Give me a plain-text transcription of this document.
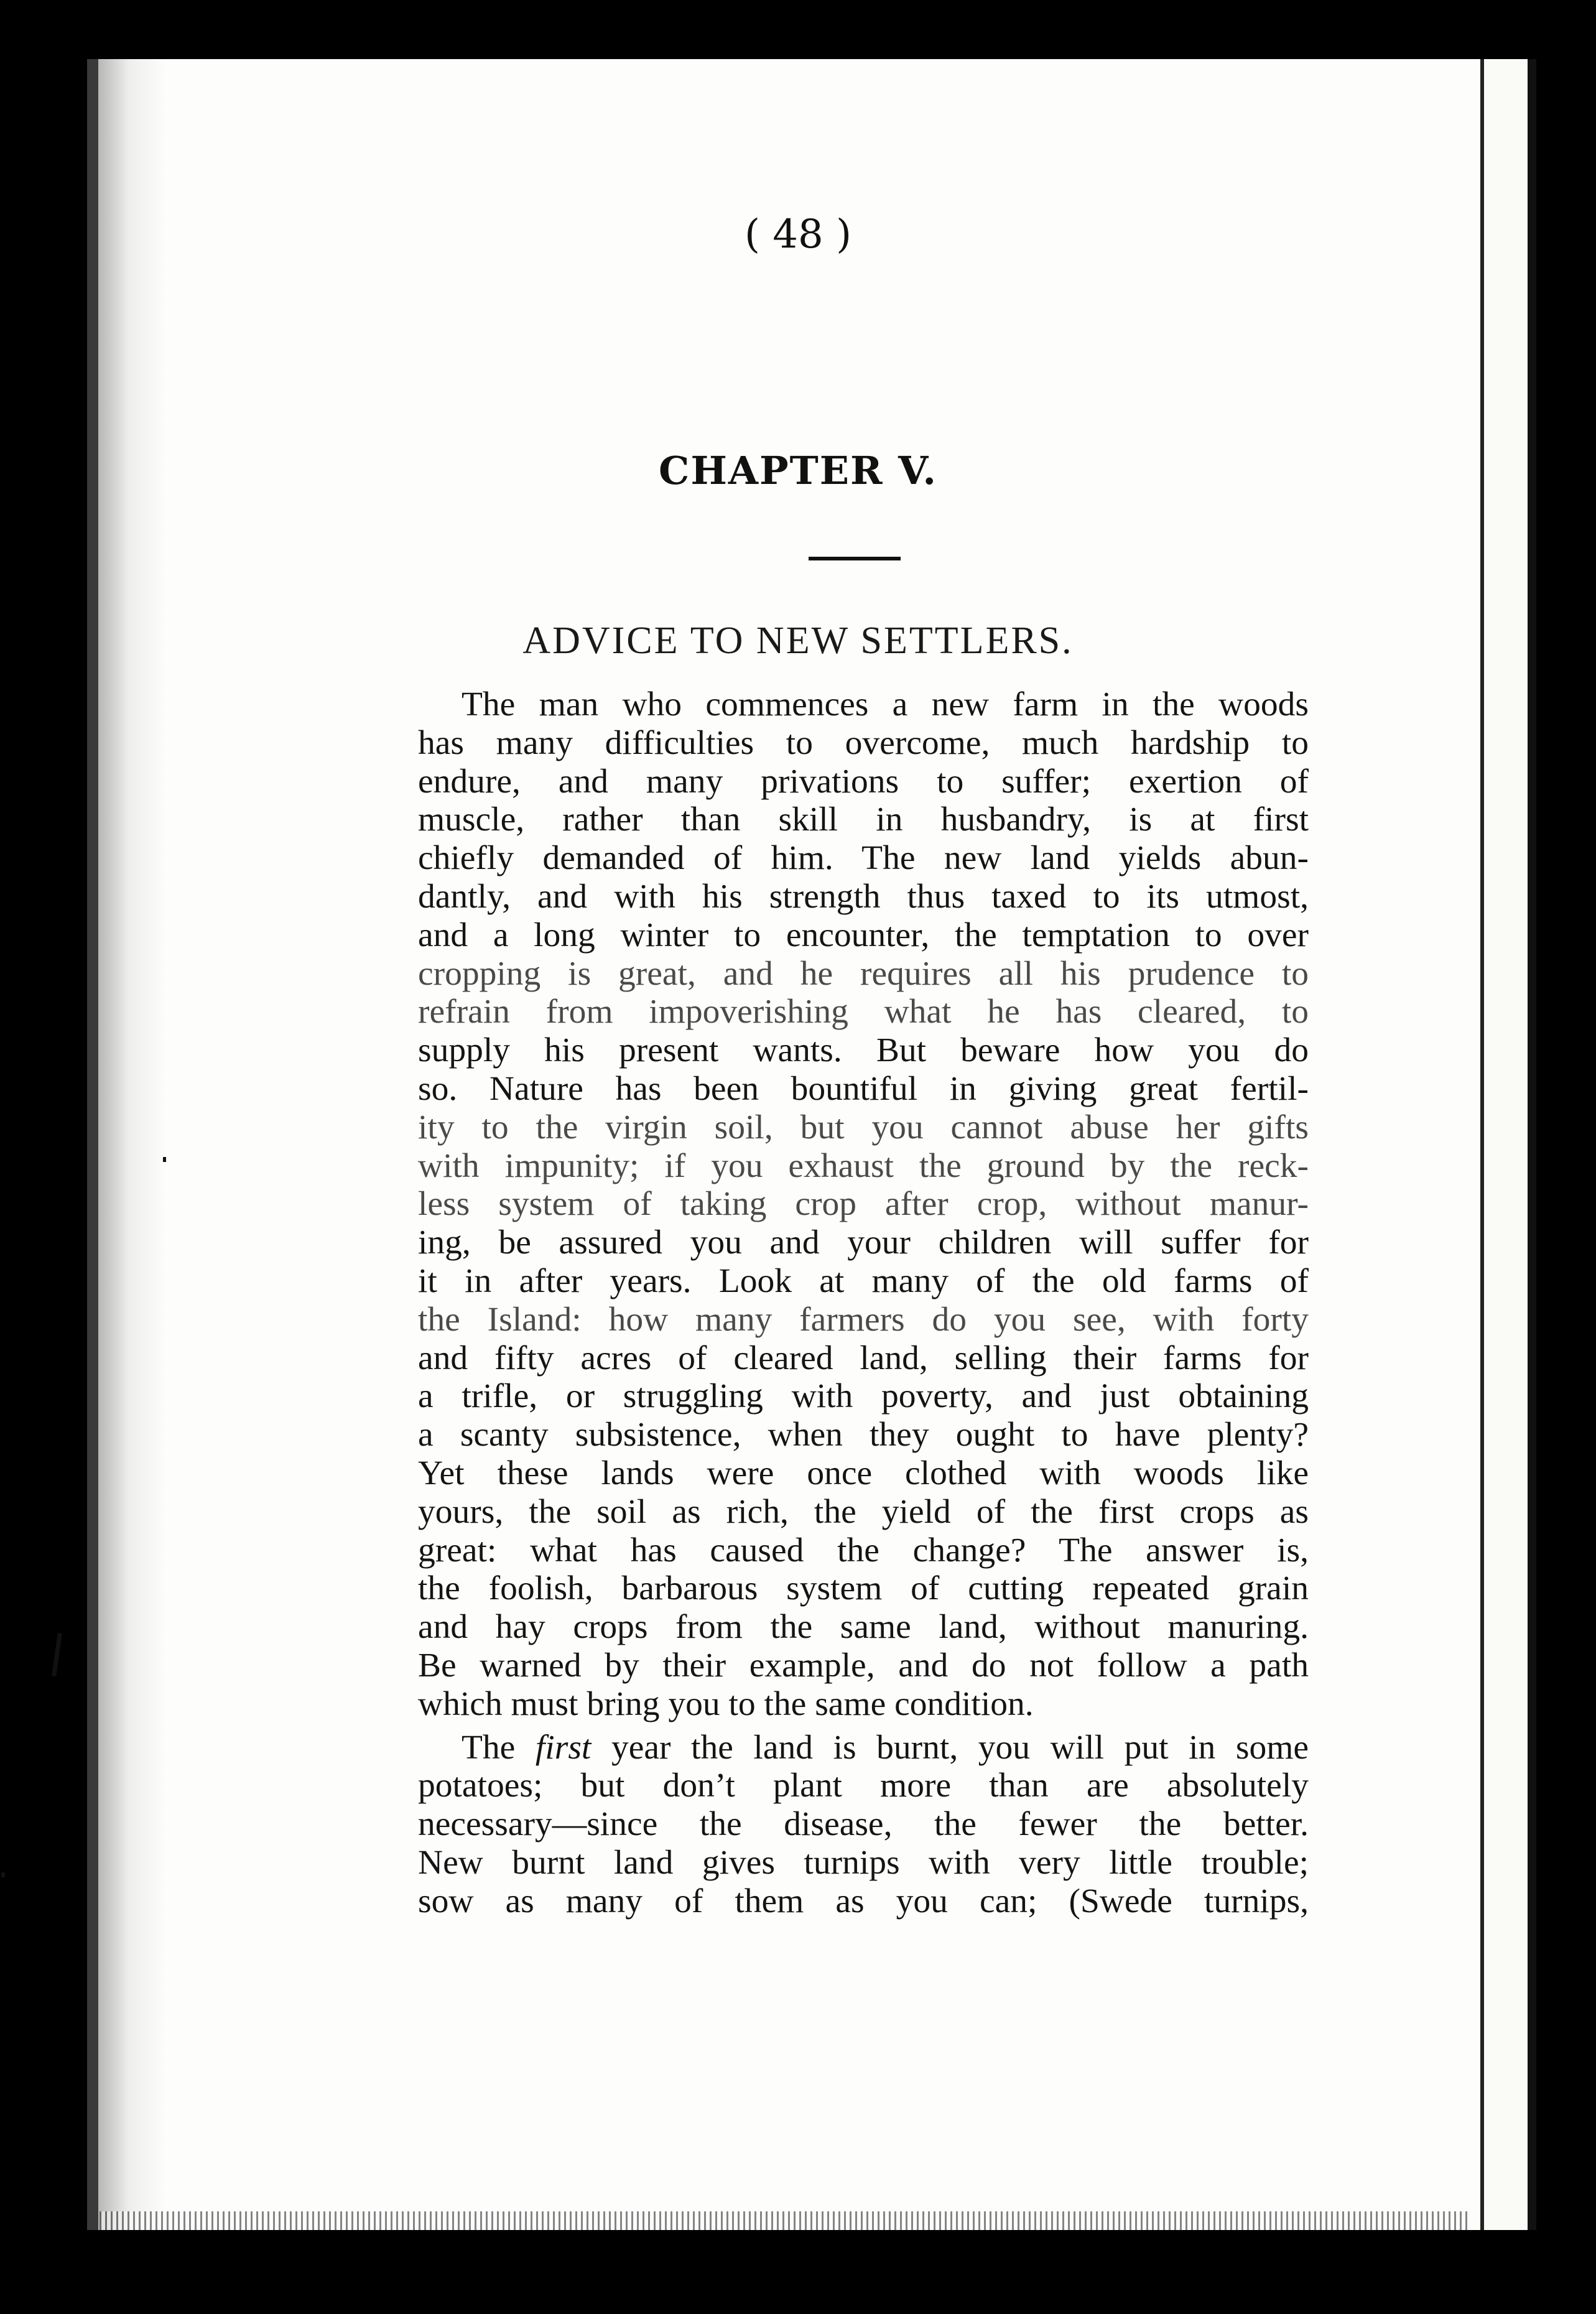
( 48 )
CHAPTER V.
ADVICE TO NEW SETTLERS.
The man who commences a new farm in the woods
has many difficulties to overcome, much hardship to
endure, and many privations to suffer; exertion of
muscle, rather than skill in husbandry, is at first
chiefly demanded of him. The new land yields abun-
dantly, and with his strength thus taxed to its utmost,
and a long winter to encounter, the temptation to over
cropping is great, and he requires all his prudence to
refrain from impoverishing what he has cleared, to
supply his present wants. But beware how you do
so. Nature has been bountiful in giving great fertil-
ity to the virgin soil, but you cannot abuse her gifts
with impunity; if you exhaust the ground by the reck-
less system of taking crop after crop, without manur-
ing, be assured you and your children will suffer for
it in after years. Look at many of the old farms of
the Island: how many farmers do you see, with forty
and fifty acres of cleared land, selling their farms for
a trifle, or struggling with poverty, and just obtaining
a scanty subsistence, when they ought to have plenty?
Yet these lands were once clothed with woods like
yours, the soil as rich, the yield of the first crops as
great: what has caused the change? The answer is,
the foolish, barbarous system of cutting repeated grain
and hay crops from the same land, without manuring.
Be warned by their example, and do not follow a path
which must bring you to the same condition.
The first year the land is burnt, you will put in some
potatoes; but don’t plant more than are absolutely
necessary—since the disease, the fewer the better.
New burnt land gives turnips with very little trouble;
sow as many of them as you can; (Swede turnips,
